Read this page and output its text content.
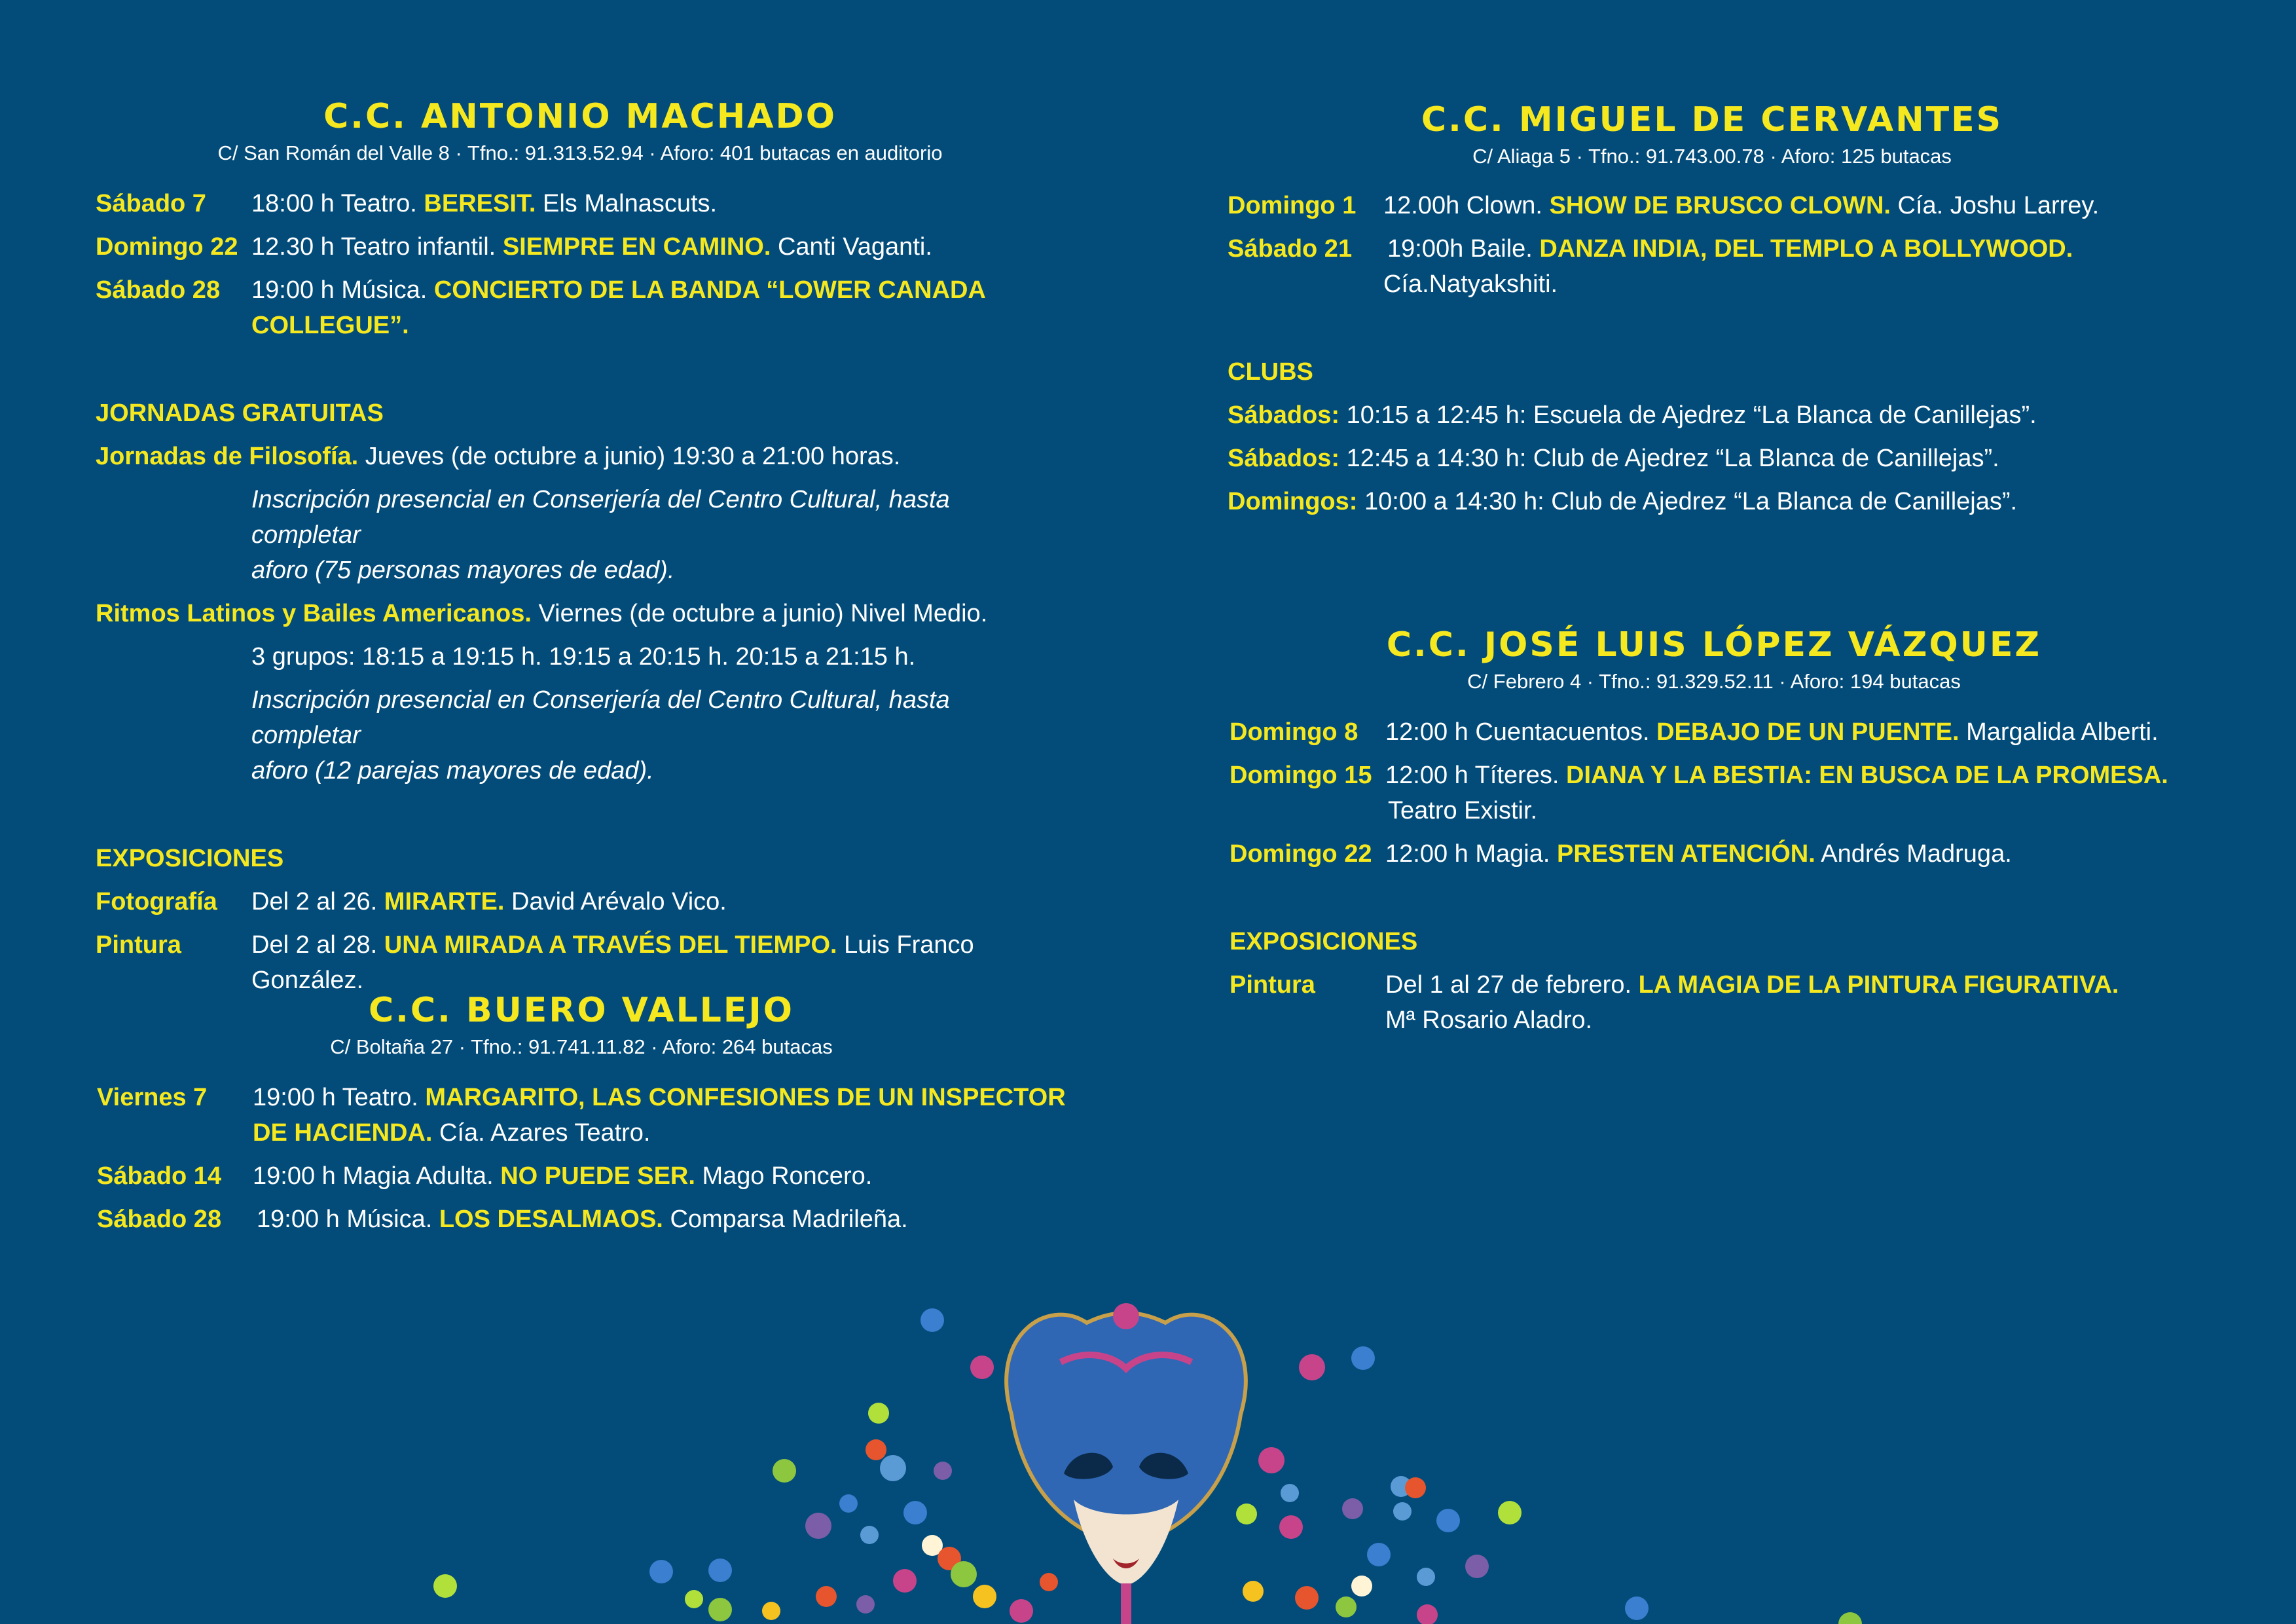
C.C. ANTONIO MACHADO

C/ San Román del Valle 8 · Tfno.: 91.313.52.94 · Aforo: 401 butacas en auditorio

Sábado 7	18:00 h Teatro. BERESIT. Els Malnascuts.
Domingo 22 12.30 h Teatro infantil. SIEMPRE EN CAMINO. Canti Vaganti.
Sábado 28	19:00 h Música. CONCIERTO DE LA BANDA “LOWER CANADA
COLLEGUE”.
JORNADAS GRATUITAS
Jornadas de Filosofía. Jueves (de octubre a junio) 19:30 a 21:00 horas.
Inscripción presencial en Conserjería del Centro Cultural, hasta completar
aforo (75 personas mayores de edad).
Ritmos Latinos y Bailes Americanos. Viernes (de octubre a junio) Nivel Medio.
3 grupos: 18:15 a 19:15 h. 19:15 a 20:15 h. 20:15 a 21:15 h.
Inscripción presencial en Conserjería del Centro Cultural, hasta completar
aforo (12 parejas mayores de edad).
EXPOSICIONES
Fotografía	Del 2 al 26. MIRARTE. David Arévalo Vico.
Pintura	Del 2 al 28. UNA MIRADA A TRAVÉS DEL TIEMPO. Luis Franco González.
C.C. BUERO VALLEJO

C/ Boltaña 27 · Tfno.: 91.741.11.82 · Aforo: 264 butacas

Viernes 7	19:00 h Teatro. MARGARITO, LAS CONFESIONES DE UN INSPECTOR
DE HACIENDA. Cía. Azares Teatro.
Sábado 14	19:00 h Magia Adulta. NO PUEDE SER. Mago Roncero.
Sábado 28	19:00 h Música. LOS DESALMAOS. Comparsa Madrileña.
C.C. MIGUEL DE CERVANTES

C/ Aliaga 5 · Tfno.: 91.743.00.78 · Aforo: 125 butacas

Domingo 1	12.00h Clown. SHOW DE BRUSCO CLOWN. Cía. Joshu Larrey.
Sábado 21	19:00h Baile. DANZA INDIA, DEL TEMPLO A BOLLYWOOD.
Cía.Natyakshiti.
CLUBS
Sábados: 10:15 a 12:45 h: Escuela de Ajedrez “La Blanca de Canillejas”.
Sábados: 12:45 a 14:30 h: Club de Ajedrez “La Blanca de Canillejas”.
Domingos: 10:00 a 14:30 h: Club de Ajedrez “La Blanca de Canillejas”.
C.C. JOSÉ LUIS LÓPEZ VÁZQUEZ

C/ Febrero 4 · Tfno.: 91.329.52.11 · Aforo: 194 butacas

Domingo 8	12:00 h Cuentacuentos. DEBAJO DE UN PUENTE. Margalida Alberti.
Domingo 15 12:00 h Títeres. DIANA Y LA BESTIA: EN BUSCA DE LA PROMESA.
Teatro Existir.
Domingo 22 12:00 h Magia. PRESTEN ATENCIÓN. Andrés Madruga.
EXPOSICIONES
Pintura	Del 1 al 27 de febrero. LA MAGIA DE LA PINTURA FIGURATIVA.
Mª Rosario Aladro.
